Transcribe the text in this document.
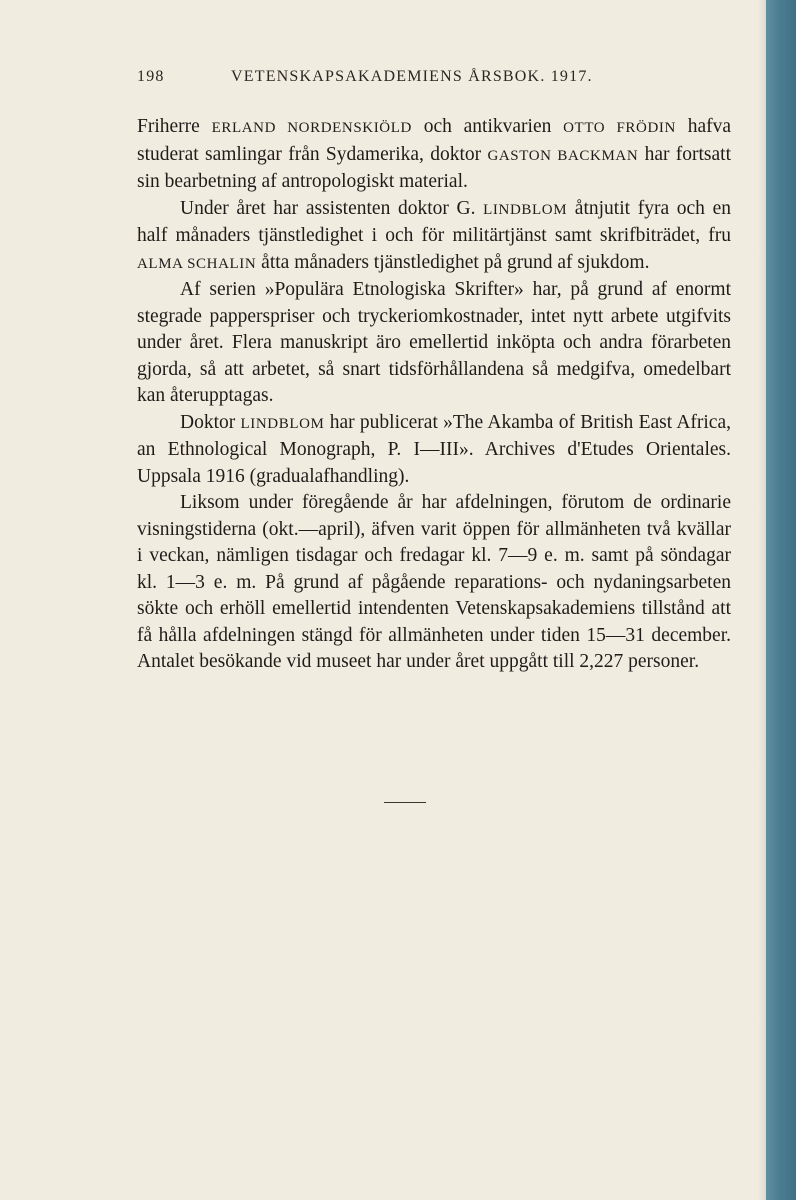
198	VETENSKAPSAKADEMIENS ÅRSBOK. 1917.

Friherre ERLAND NORDENSKIÖLD och antikvarien OTTO FRÖDIN hafva studerat samlingar från Sydamerika, doktor GASTON BACKMAN har fortsatt sin bearbetning af antropologiskt material.

Under året har assistenten doktor G. LINDBLOM åtnjutit fyra och en half månaders tjänstledighet i och för militärtjänst samt skrifbiträdet, fru ALMA SCHALIN åtta månaders tjänstledighet på grund af sjukdom.

Af serien »Populära Etnologiska Skrifter» har, på grund af enormt stegrade papperspriser och tryckeriomkostnader, intet nytt arbete utgifvits under året. Flera manuskript äro emellertid inköpta och andra förarbeten gjorda, så att arbetet, så snart tidsförhållandena så medgifva, omedelbart kan återupptagas.

Doktor LINDBLOM har publicerat »The Akamba of British East Africa, an Ethnological Monograph, P. I—III». Archives d'Etudes Orientales. Uppsala 1916 (gradualafhandling).

Liksom under föregående år har afdelningen, förutom de ordinarie visningstiderna (okt.—april), äfven varit öppen för allmänheten två kvällar i veckan, nämligen tisdagar och fredagar kl. 7—9 e. m. samt på söndagar kl. 1—3 e. m. På grund af pågående reparations- och nydaningsarbeten sökte och erhöll emellertid intendenten Vetenskapsakademiens tillstånd att få hålla afdelningen stängd för allmänheten under tiden 15—31 december. Antalet besökande vid museet har under året uppgått till 2,227 personer.
